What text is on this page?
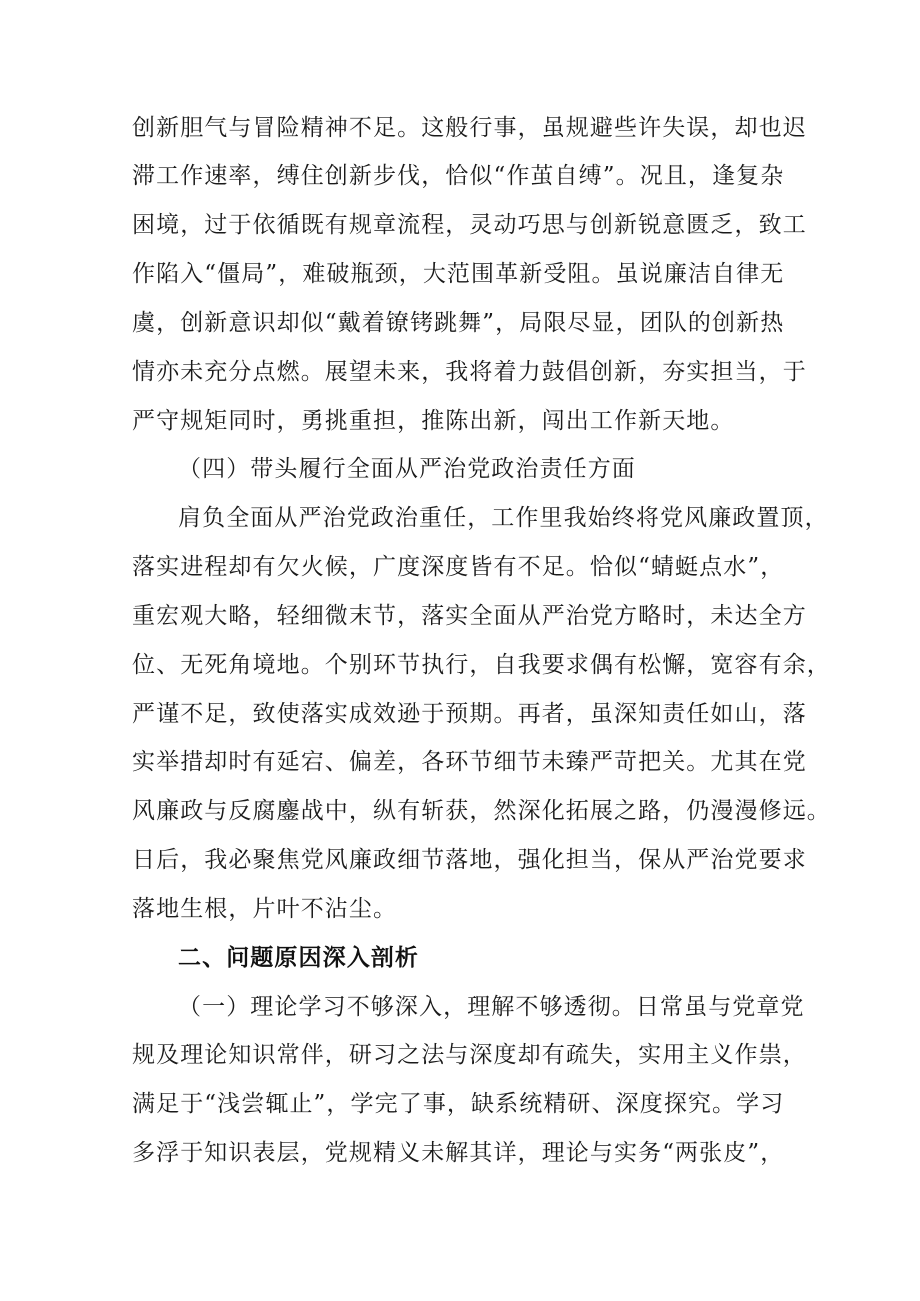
创新胆气与冒险精神不足。这般行事，虽规避些许失误，却也迟
滞工作速率，缚住创新步伐，恰似“作茧自缚”。况且，逢复杂
困境，过于依循既有规章流程，灵动巧思与创新锐意匮乏，致工
作陷入“僵局”，难破瓶颈，大范围革新受阻。虽说廉洁自律无
虞，创新意识却似“戴着镣铐跳舞”，局限尽显，团队的创新热
情亦未充分点燃。展望未来，我将着力鼓倡创新，夯实担当，于
严守规矩同时，勇挑重担，推陈出新，闯出工作新天地。
（四）带头履行全面从严治党政治责任方面
肩负全面从严治党政治重任，工作里我始终将党风廉政置顶，
落实进程却有欠火候，广度深度皆有不足。恰似“蜻蜓点水”，
重宏观大略，轻细微末节，落实全面从严治党方略时，未达全方
位、无死角境地。个别环节执行，自我要求偶有松懈，宽容有余，
严谨不足，致使落实成效逊于预期。再者，虽深知责任如山，落
实举措却时有延宕、偏差，各环节细节未臻严苛把关。尤其在党
风廉政与反腐鏖战中，纵有斩获，然深化拓展之路，仍漫漫修远。
日后，我必聚焦党风廉政细节落地，强化担当，保从严治党要求
落地生根，片叶不沾尘。
二、问题原因深入剖析
（一）理论学习不够深入，理解不够透彻。日常虽与党章党
规及理论知识常伴，研习之法与深度却有疏失，实用主义作祟，
满足于“浅尝辄止”，学完了事，缺系统精研、深度探究。学习
多浮于知识表层，党规精义未解其详，理论与实务“两张皮”，
